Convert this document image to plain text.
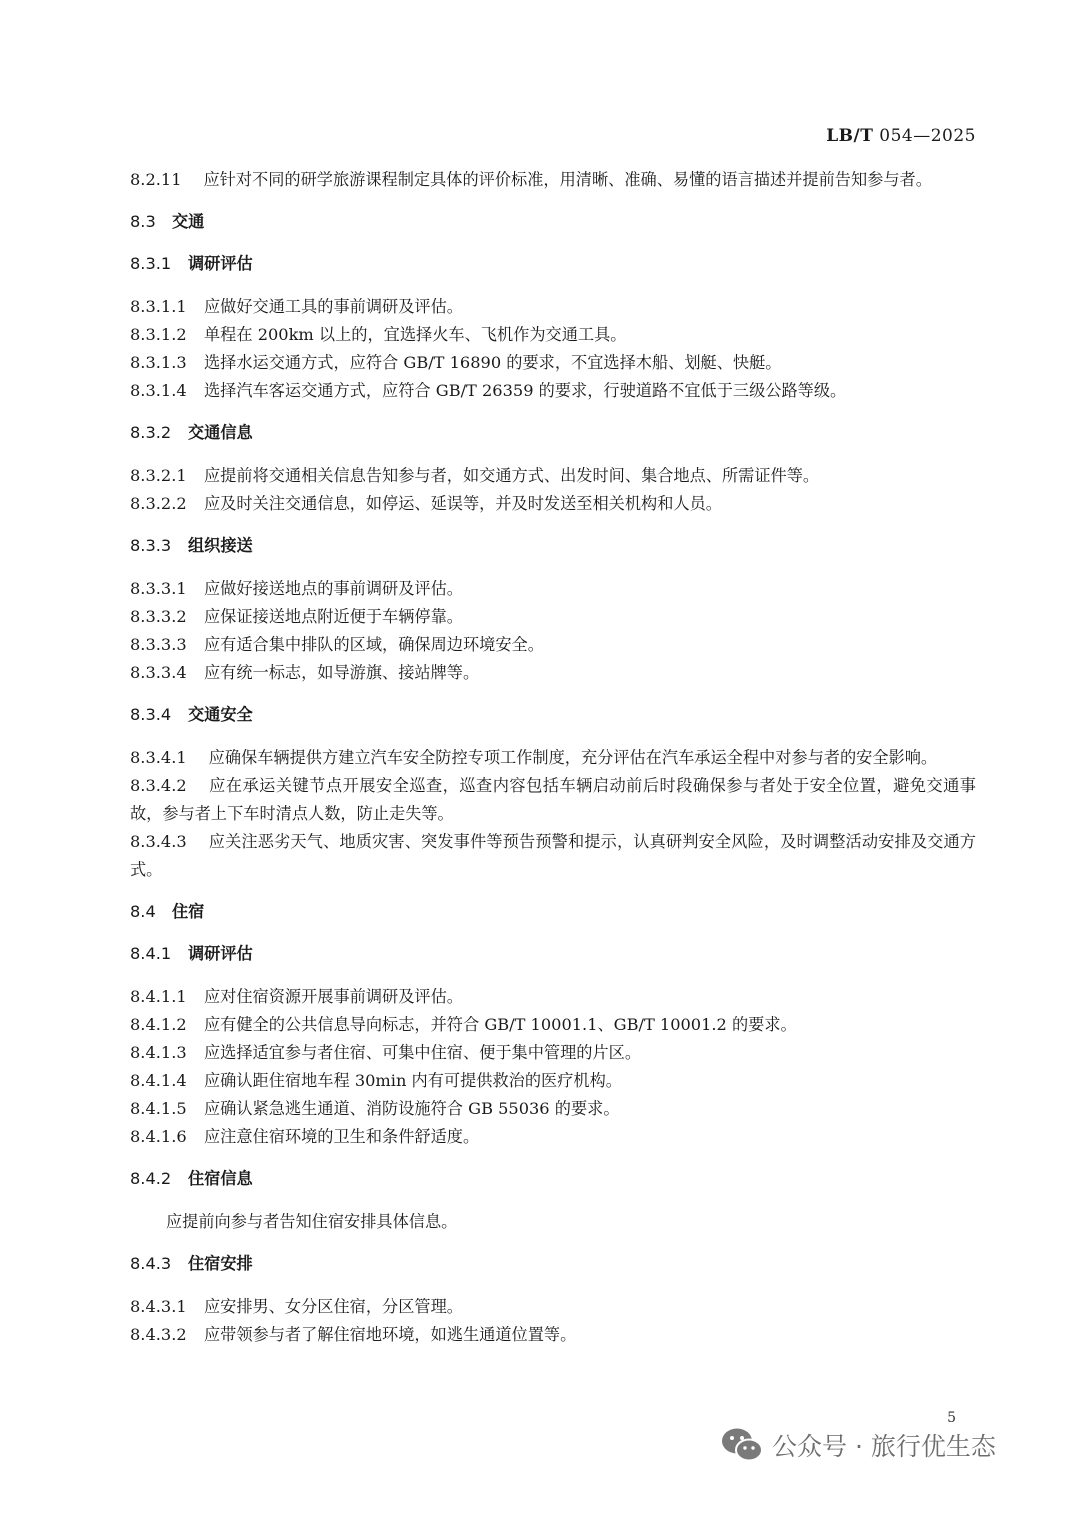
LB/T 054—2025
8.2.11 应针对不同的研学旅游课程制定具体的评价标准，用清晰、准确、易懂的语言描述并提前告知参与者。
8.3 交通
8.3.1 调研评估
8.3.1.1 应做好交通工具的事前调研及评估。
8.3.1.2 单程在 200km 以上的，宜选择火车、飞机作为交通工具。
8.3.1.3 选择水运交通方式，应符合 GB/T 16890 的要求，不宜选择木船、划艇、快艇。
8.3.1.4 选择汽车客运交通方式，应符合 GB/T 26359 的要求，行驶道路不宜低于三级公路等级。
8.3.2 交通信息
8.3.2.1 应提前将交通相关信息告知参与者，如交通方式、出发时间、集合地点、所需证件等。
8.3.2.2 应及时关注交通信息，如停运、延误等，并及时发送至相关机构和人员。
8.3.3 组织接送
8.3.3.1 应做好接送地点的事前调研及评估。
8.3.3.2 应保证接送地点附近便于车辆停靠。
8.3.3.3 应有适合集中排队的区域，确保周边环境安全。
8.3.3.4 应有统一标志，如导游旗、接站牌等。
8.3.4 交通安全
8.3.4.1 应确保车辆提供方建立汽车安全防控专项工作制度，充分评估在汽车承运全程中对参与者的安全影响。
8.3.4.2 应在承运关键节点开展安全巡查，巡查内容包括车辆启动前后时段确保参与者处于安全位置，避免交通事故，参与者上下车时清点人数，防止走失等。
8.3.4.3 应关注恶劣天气、地质灾害、突发事件等预告预警和提示，认真研判安全风险，及时调整活动安排及交通方式。
8.4 住宿
8.4.1 调研评估
8.4.1.1 应对住宿资源开展事前调研及评估。
8.4.1.2 应有健全的公共信息导向标志，并符合 GB/T 10001.1、GB/T 10001.2 的要求。
8.4.1.3 应选择适宜参与者住宿、可集中住宿、便于集中管理的片区。
8.4.1.4 应确认距住宿地车程 30min 内有可提供救治的医疗机构。
8.4.1.5 应确认紧急逃生通道、消防设施符合 GB 55036 的要求。
8.4.1.6 应注意住宿环境的卫生和条件舒适度。
8.4.2 住宿信息
应提前向参与者告知住宿安排具体信息。
8.4.3 住宿安排
8.4.3.1 应安排男、女分区住宿，分区管理。
8.4.3.2 应带领参与者了解住宿地环境，如逃生通道位置等。
5
公众号 · 旅行优生态
